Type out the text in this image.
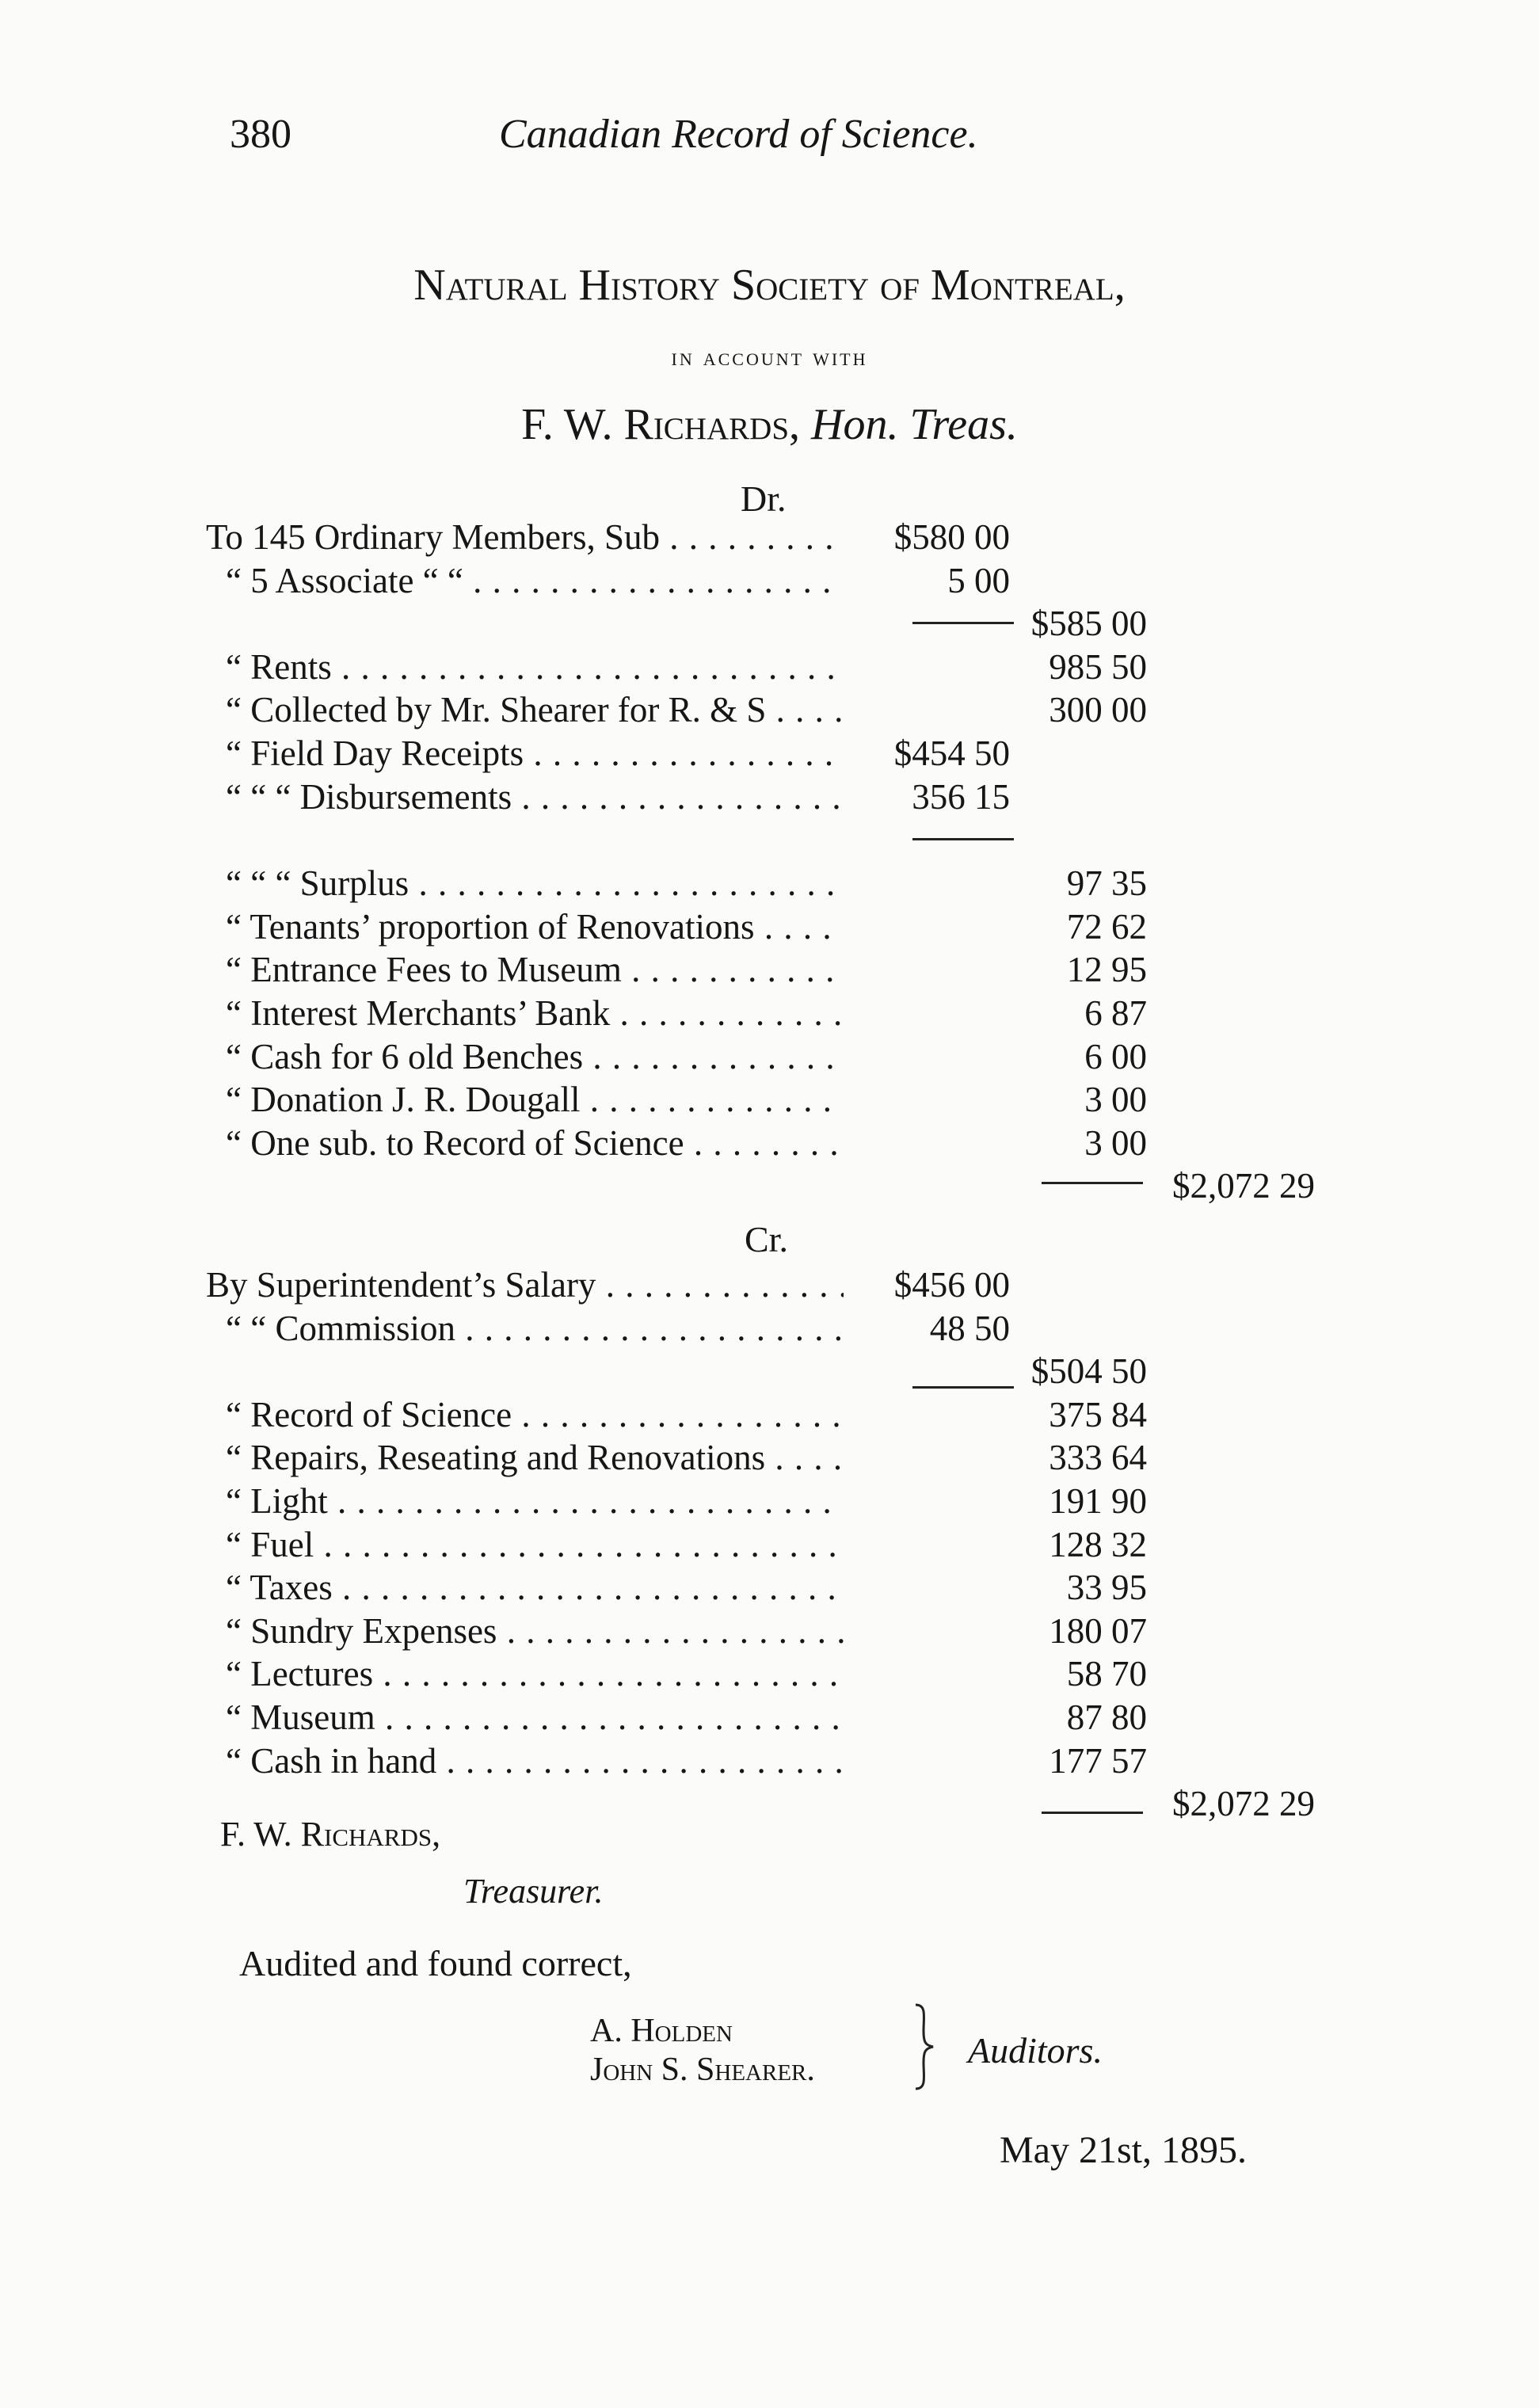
380	Canadian Record of Science.
Natural History Society of Montreal,
in account with
F. W. Richards, Hon. Treas.
Dr.
To 145 Ordinary Members, Sub . . .	$580 00
“ 5 Associate “ “ . . .	5 00
$585 00
“ Rents . . .	985 50
“ Collected by Mr. Shearer for R. & S . . .	300 00
“ Field Day Receipts . . .	$454 50
“ “ “ Disbursements . . .	356 15
“ “ “ Surplus . . .	97 35
“ Tenants’ proportion of Renovations . . .	72 62
“ Entrance Fees to Museum . . .	12 95
“ Interest Merchants’ Bank . . .	6 87
“ Cash for 6 old Benches . . .	6 00
“ Donation J. R. Dougall . . .	3 00
“ One sub. to Record of Science . . .	3 00
$2,072 29
Cr.
By Superintendent’s Salary . . .	$456 00
“ “ Commission . . .	48 50
$504 50
“ Record of Science . . .	375 84
“ Repairs, Reseating and Renovations . . .	333 64
“ Light . . .	191 90
“ Fuel . . .	128 32
“ Taxes . . .	33 95
“ Sundry Expenses . . .	180 07
“ Lectures . . .	58 70
“ Museum . . .	87 80
“ Cash in hand . . .	177 57
$2,072 29
F. W. Richards,
Treasurer.
Audited and found correct,
A. Holden
John S. Shearer.	Auditors.
May 21st, 1895.
